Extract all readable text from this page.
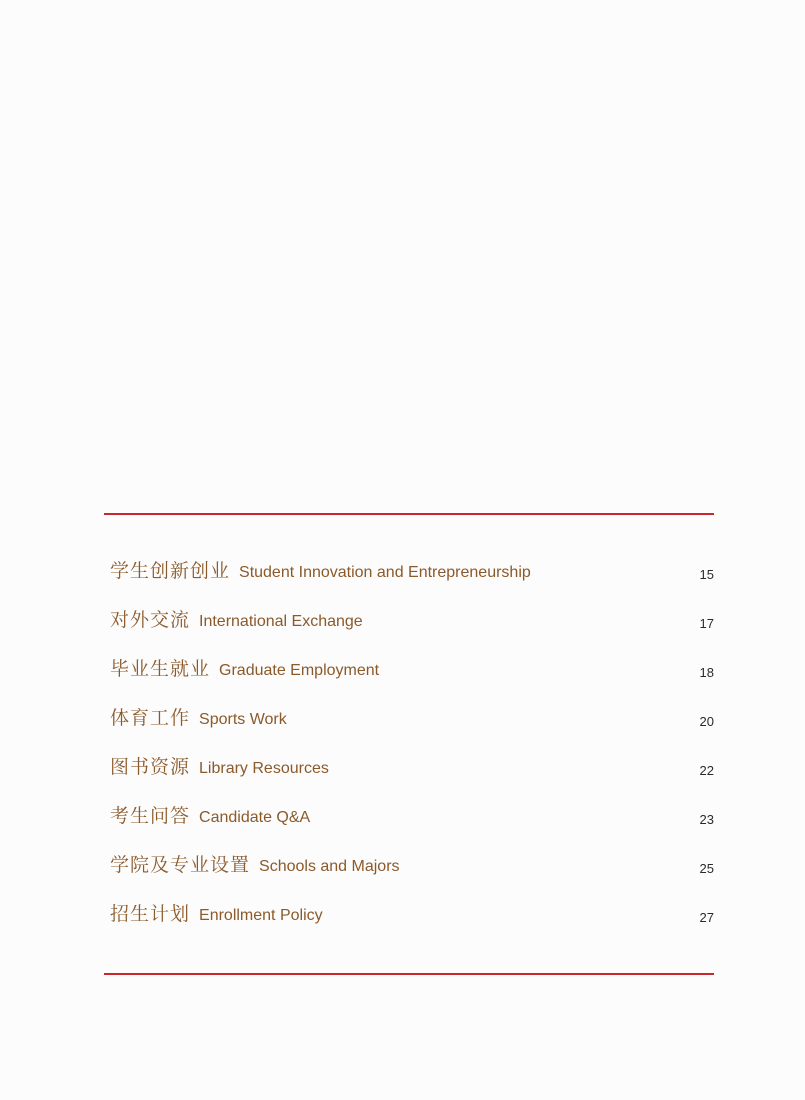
学生创新创业 Student Innovation and Entrepreneurship	15
对外交流 International Exchange	17
毕业生就业 Graduate Employment	18
体育工作 Sports Work	20
图书资源 Library Resources	22
考生问答 Candidate Q&A	23
学院及专业设置 Schools and Majors	25
招生计划 Enrollment Policy	27
